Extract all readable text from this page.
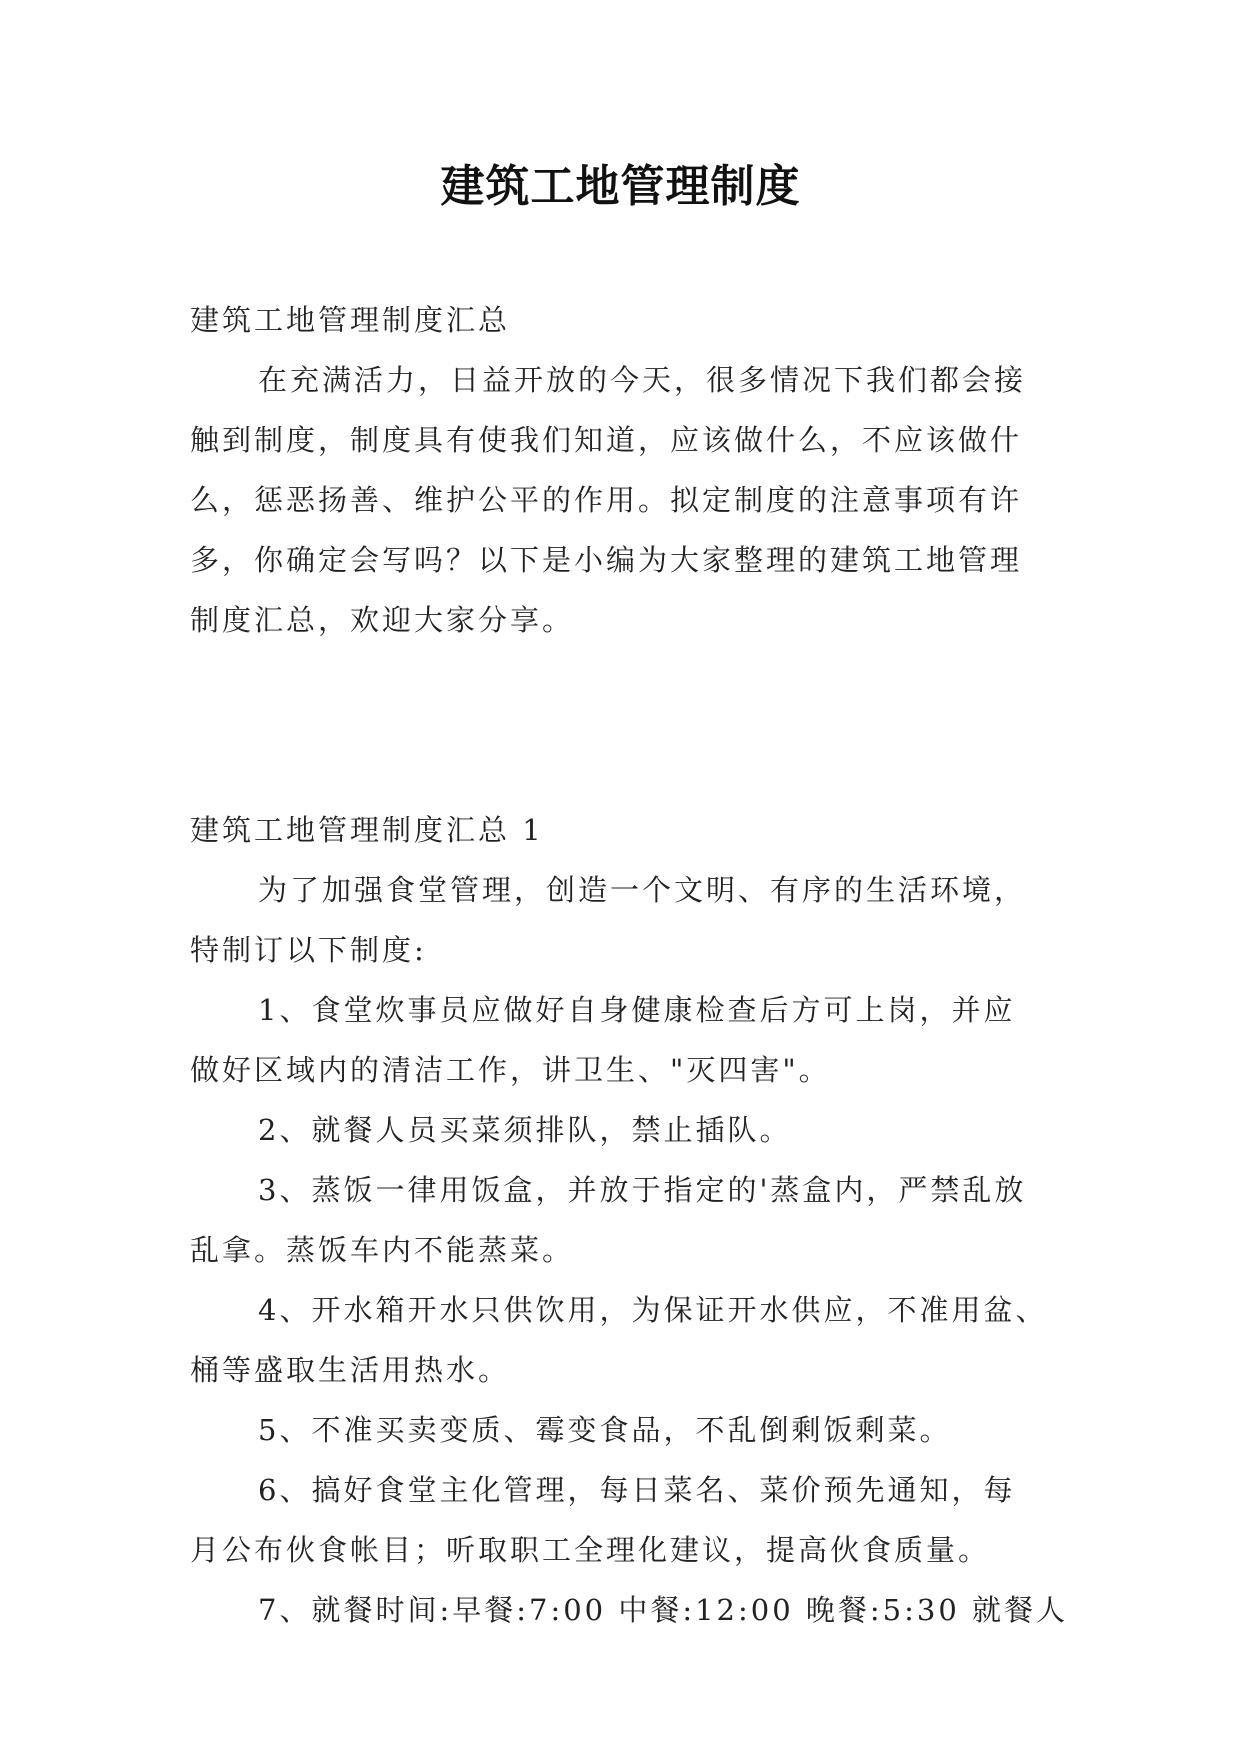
建筑工地管理制度
建筑工地管理制度汇总
在充满活力，日益开放的今天，很多情况下我们都会接
触到制度，制度具有使我们知道，应该做什么，不应该做什
么，惩恶扬善、维护公平的作用。拟定制度的注意事项有许
多，你确定会写吗？以下是小编为大家整理的建筑工地管理
制度汇总，欢迎大家分享。
建筑工地管理制度汇总 1
为了加强食堂管理，创造一个文明、有序的生活环境，
特制订以下制度:
1、食堂炊事员应做好自身健康检查后方可上岗，并应
做好区域内的清洁工作，讲卫生、"灭四害"。
2、就餐人员买菜须排队，禁止插队。
3、蒸饭一律用饭盒，并放于指定的'蒸盒内，严禁乱放
乱拿。蒸饭车内不能蒸菜。
4、开水箱开水只供饮用，为保证开水供应，不准用盆、
桶等盛取生活用热水。
5、不准买卖变质、霉变食品，不乱倒剩饭剩菜。
6、搞好食堂主化管理，每日菜名、菜价预先通知，每
月公布伙食帐目；听取职工全理化建议，提高伙食质量。
7、就餐时间:早餐:7:00 中餐:12:00 晚餐:5:30 就餐人
